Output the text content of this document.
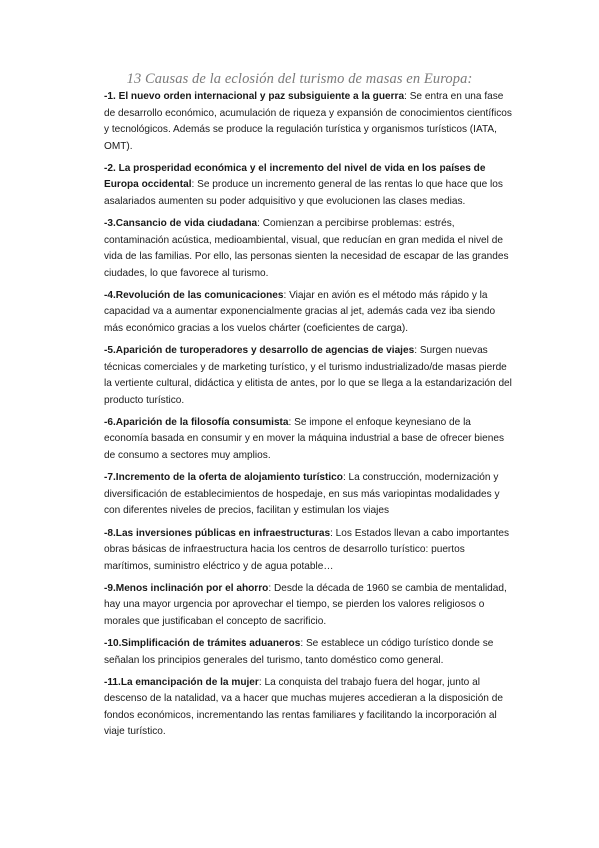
13 Causas de la eclosión del turismo de masas en Europa:

-1. El nuevo orden internacional y paz subsiguiente a la guerra: Se entra en una fase de desarrollo económico, acumulación de riqueza y expansión de conocimientos científicos y tecnológicos. Además se produce la regulación turística y organismos turísticos (IATA, OMT).

-2. La prosperidad económica y el incremento del nivel de vida en los países de Europa occidental: Se produce un incremento general de las rentas lo que hace que los asalariados aumenten su poder adquisitivo y que evolucionen las clases medias.

-3.Cansancio de vida ciudadana: Comienzan a percibirse problemas: estrés, contaminación acústica, medioambiental, visual, que reducían en gran medida el nivel de vida de las familias. Por ello, las personas sienten la necesidad de escapar de las grandes ciudades, lo que favorece al turismo.

-4.Revolución de las comunicaciones: Viajar en avión es el método más rápido y la capacidad va a aumentar exponencialmente gracias al jet, además cada vez iba siendo más económico gracias a los vuelos chárter (coeficientes de carga).

-5.Aparición de turoperadores y desarrollo de agencias de viajes: Surgen nuevas técnicas comerciales y de marketing turístico, y el turismo industrializado/de masas pierde la vertiente cultural, didáctica y elitista de antes, por lo que se llega a la estandarización del producto turístico.

-6.Aparición de la filosofía consumista: Se impone el enfoque keynesiano de la economía basada en consumir y en mover la máquina industrial a base de ofrecer bienes de consumo a sectores muy amplios.

-7.Incremento de la oferta de alojamiento turístico: La construcción, modernización y diversificación de establecimientos de hospedaje, en sus más variopintas modalidades y con diferentes niveles de precios, facilitan y estimulan los viajes

-8.Las inversiones públicas en infraestructuras: Los Estados llevan a cabo importantes obras básicas de infraestructura hacia los centros de desarrollo turístico: puertos marítimos, suministro eléctrico y de agua potable…

-9.Menos inclinación por el ahorro: Desde la década de 1960 se cambia de mentalidad, hay una mayor urgencia por aprovechar el tiempo, se pierden los valores religiosos o morales que justificaban el concepto de sacrificio.

-10.Simplificación de trámites aduaneros: Se establece un código turístico donde se señalan los principios generales del turismo, tanto doméstico como general.

-11.La emancipación de la mujer: La conquista del trabajo fuera del hogar, junto al descenso de la natalidad, va a hacer que muchas mujeres accedieran a la disposición de fondos económicos, incrementando las rentas familiares y facilitando la incorporación al viaje turístico.
